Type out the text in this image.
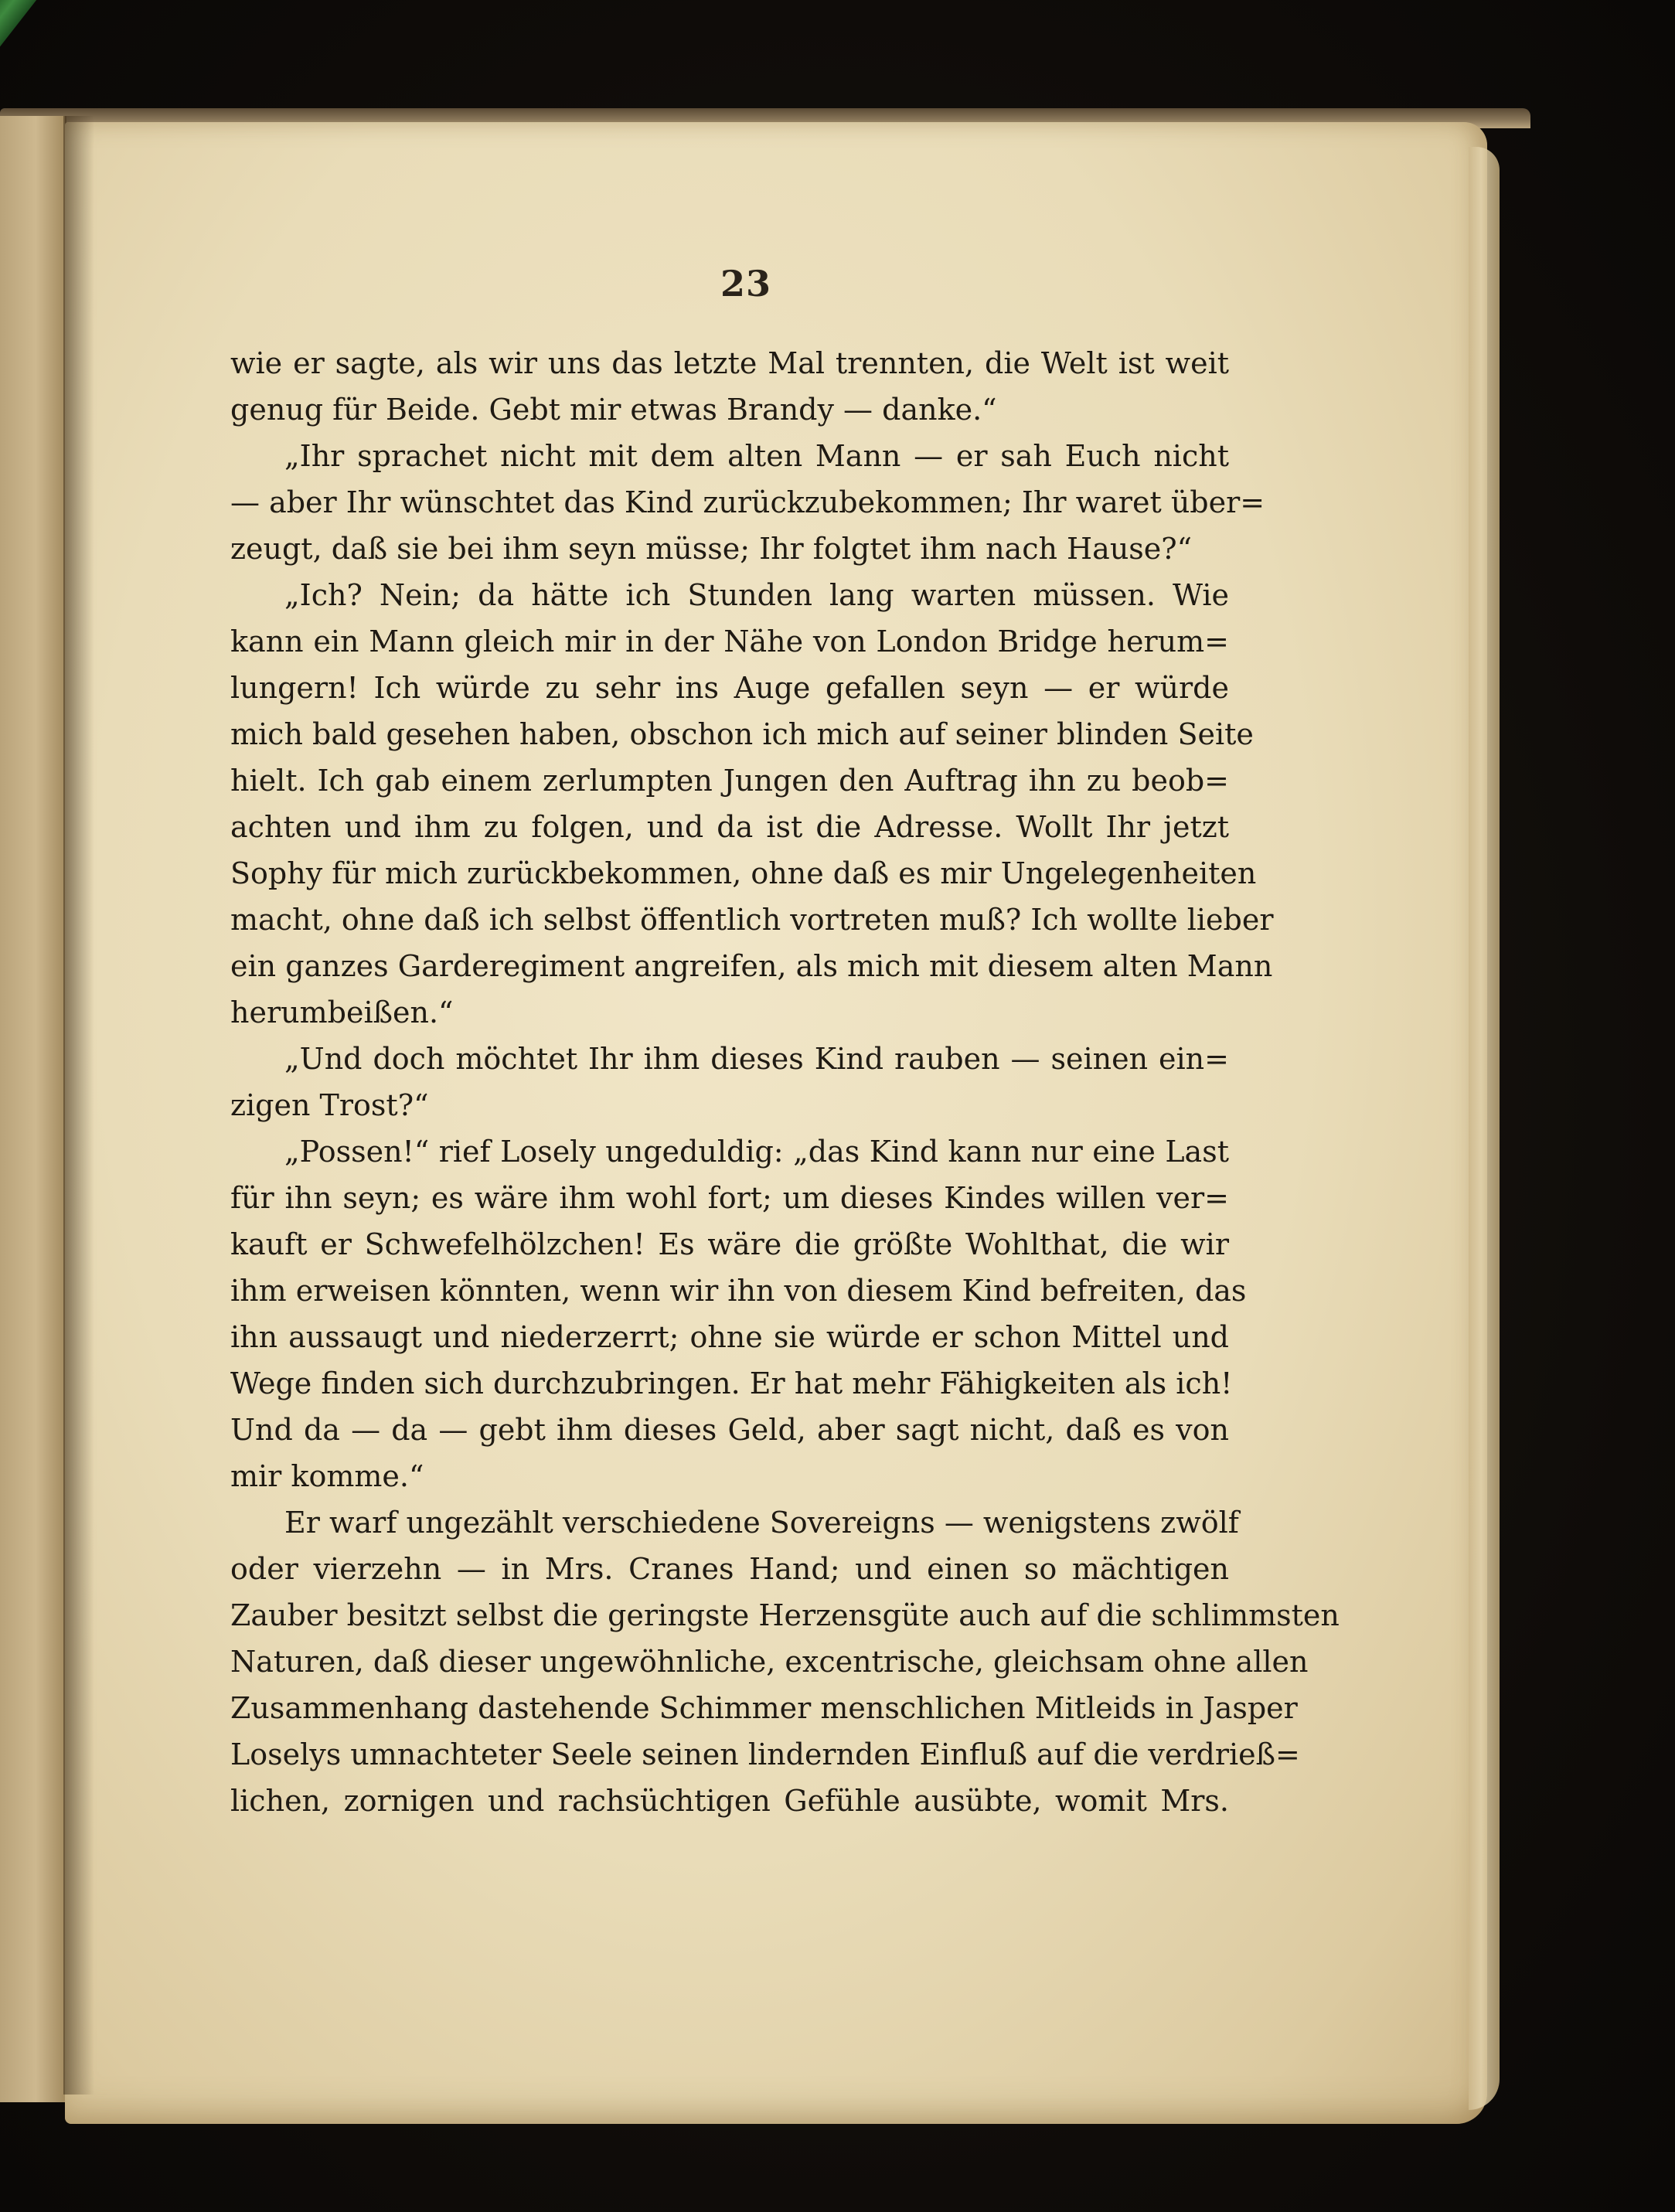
23
wie er sagte, als wir uns das letzte Mal trennten, die Welt ist weit
genug für Beide. Gebt mir etwas Brandy — danke.“
„Ihr sprachet nicht mit dem alten Mann — er sah Euch nicht
— aber Ihr wünschtet das Kind zurückzubekommen; Ihr waret über=
zeugt, daß sie bei ihm seyn müsse; Ihr folgtet ihm nach Hause?“
„Ich? Nein; da hätte ich Stunden lang warten müssen. Wie
kann ein Mann gleich mir in der Nähe von London Bridge herum=
lungern! Ich würde zu sehr ins Auge gefallen seyn — er würde
mich bald gesehen haben, obschon ich mich auf seiner blinden Seite
hielt. Ich gab einem zerlumpten Jungen den Auftrag ihn zu beob=
achten und ihm zu folgen, und da ist die Adresse. Wollt Ihr jetzt
Sophy für mich zurückbekommen, ohne daß es mir Ungelegenheiten
macht, ohne daß ich selbst öffentlich vortreten muß? Ich wollte lieber
ein ganzes Garderegiment angreifen, als mich mit diesem alten Mann
herumbeißen.“
„Und doch möchtet Ihr ihm dieses Kind rauben — seinen ein=
zigen Trost?“
„Possen!“ rief Losely ungeduldig: „das Kind kann nur eine Last
für ihn seyn; es wäre ihm wohl fort; um dieses Kindes willen ver=
kauft er Schwefelhölzchen! Es wäre die größte Wohlthat, die wir
ihm erweisen könnten, wenn wir ihn von diesem Kind befreiten, das
ihn aussaugt und niederzerrt; ohne sie würde er schon Mittel und
Wege finden sich durchzubringen. Er hat mehr Fähigkeiten als ich!
Und da — da — gebt ihm dieses Geld, aber sagt nicht, daß es von
mir komme.“
Er warf ungezählt verschiedene Sovereigns — wenigstens zwölf
oder vierzehn — in Mrs. Cranes Hand; und einen so mächtigen
Zauber besitzt selbst die geringste Herzensgüte auch auf die schlimmsten
Naturen, daß dieser ungewöhnliche, excentrische, gleichsam ohne allen
Zusammenhang dastehende Schimmer menschlichen Mitleids in Jasper
Loselys umnachteter Seele seinen lindernden Einfluß auf die verdrieß=
lichen, zornigen und rachsüchtigen Gefühle ausübte, womit Mrs.
